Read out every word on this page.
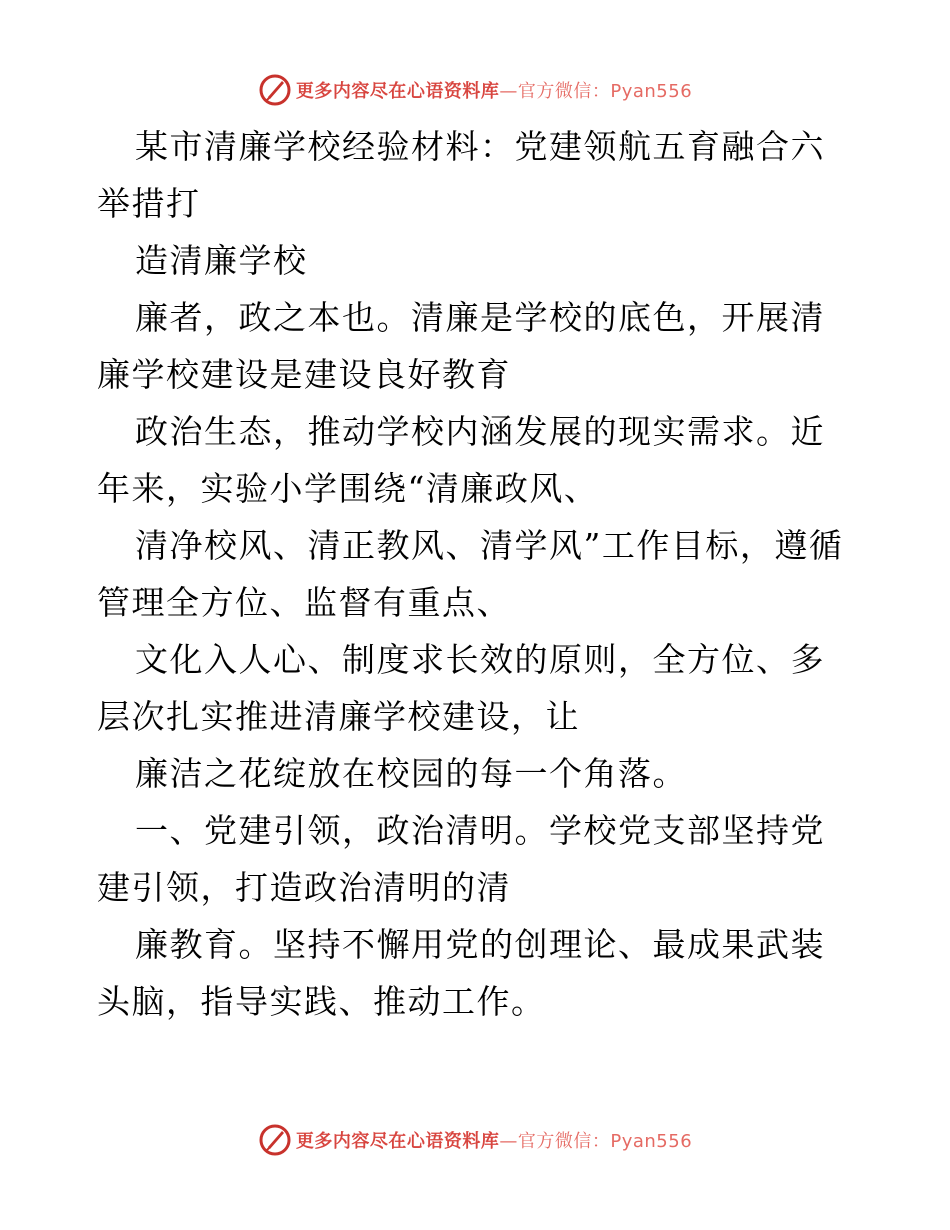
更多内容尽在心语资料库—官方微信：Pyan556

某市清廉学校经验材料：党建领航五育融合六举措打

造清廉学校

廉者，政之本也。清廉是学校的底色，开展清廉学校建设是建设良好教育

政治生态，推动学校内涵发展的现实需求。近年来，实验小学围绕“清廉政风、

清净校风、清正教风、清学风”工作目标，遵循管理全方位、监督有重点、

文化入人心、制度求长效的原则，全方位、多层次扎实推进清廉学校建设，让

廉洁之花绽放在校园的每一个角落。

一、党建引领，政治清明。学校党支部坚持党建引领，打造政治清明的清

廉教育。坚持不懈用党的创理论、最成果武装头脑，指导实践、推动工作。

更多内容尽在心语资料库—官方微信：Pyan556
